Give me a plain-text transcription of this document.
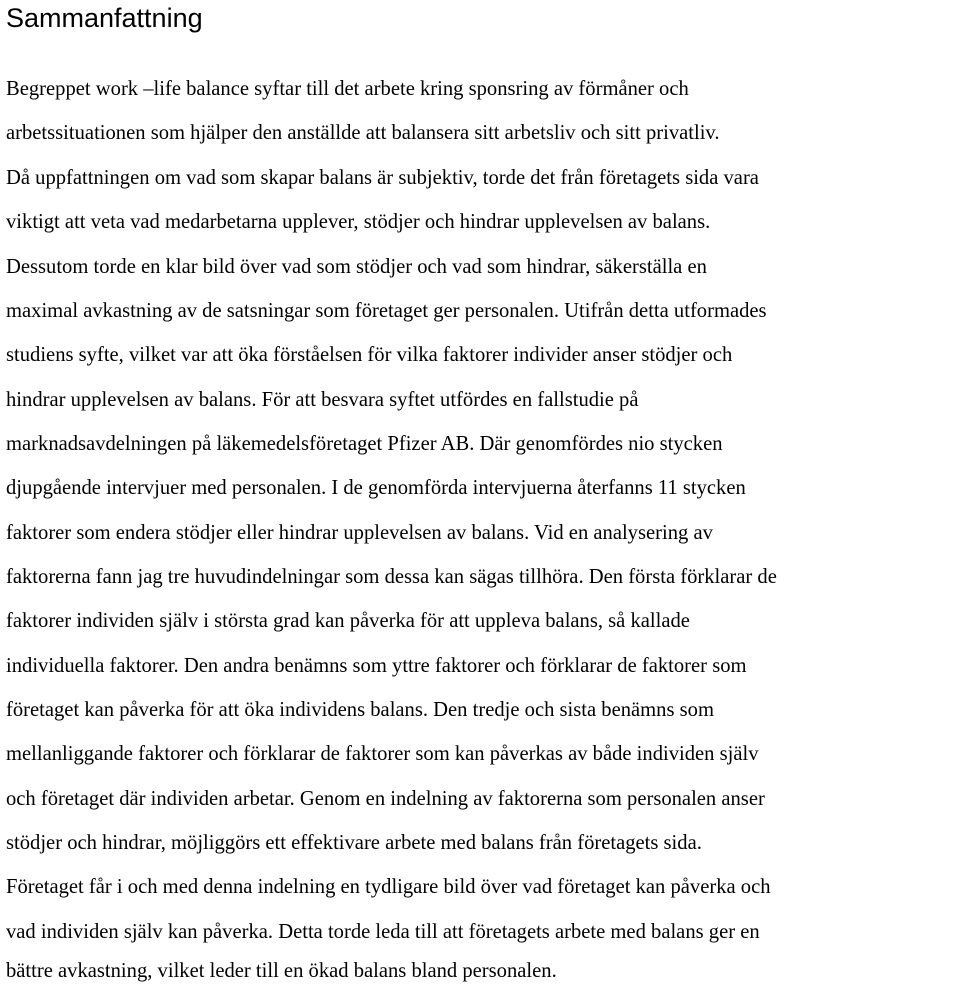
Sammanfattning

Begreppet work –life balance syftar till det arbete kring sponsring av förmåner och

arbetssituationen som hjälper den anställde att balansera sitt arbetsliv och sitt privatliv.

Då uppfattningen om vad som skapar balans är subjektiv, torde det från företagets sida vara

viktigt att veta vad medarbetarna upplever, stödjer och hindrar upplevelsen av balans.

Dessutom torde en klar bild över vad som stödjer och vad som hindrar, säkerställa en

maximal avkastning av de satsningar som företaget ger personalen. Utifrån detta utformades

studiens syfte, vilket var att öka förståelsen för vilka faktorer individer anser stödjer och

hindrar upplevelsen av balans. För att besvara syftet utfördes en fallstudie på

marknadsavdelningen på läkemedelsföretaget Pfizer AB. Där genomfördes nio stycken

djupgående intervjuer med personalen. I de genomförda intervjuerna återfanns 11 stycken

faktorer som endera stödjer eller hindrar upplevelsen av balans. Vid en analysering av

faktorerna fann jag tre huvudindelningar som dessa kan sägas tillhöra. Den första förklarar de

faktorer individen själv i största grad kan påverka för att uppleva balans, så kallade

individuella faktorer. Den andra benämns som yttre faktorer och förklarar de faktorer som

företaget kan påverka för att öka individens balans. Den tredje och sista benämns som

mellanliggande faktorer och förklarar de faktorer som kan påverkas av både individen själv

och företaget där individen arbetar. Genom en indelning av faktorerna som personalen anser

stödjer och hindrar, möjliggörs ett effektivare arbete med balans från företagets sida.

Företaget får i och med denna indelning en tydligare bild över vad företaget kan påverka och

vad individen själv kan påverka. Detta torde leda till att företagets arbete med balans ger en

bättre avkastning, vilket leder till en ökad balans bland personalen.
